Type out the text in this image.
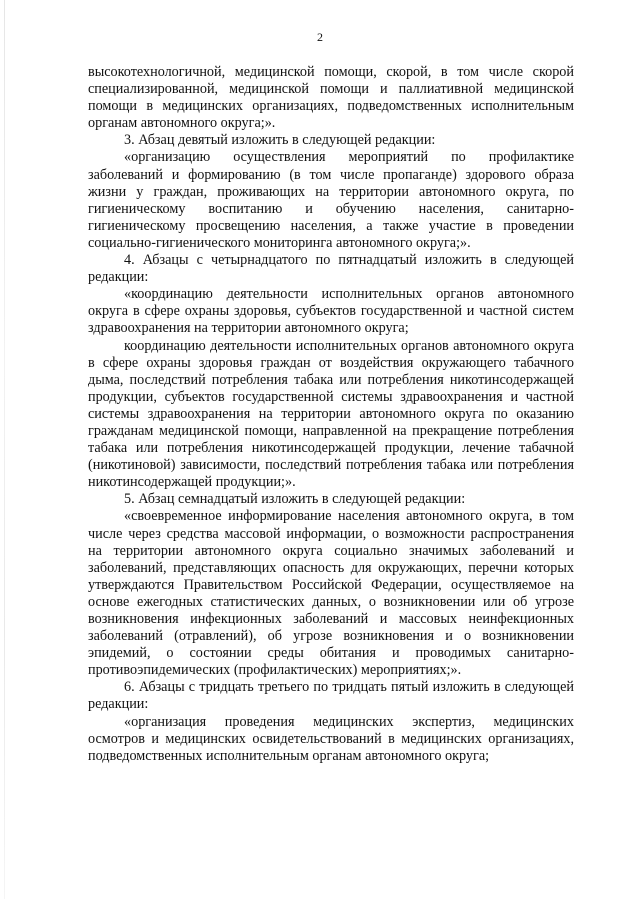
2

высокотехнологичной, медицинской помощи, скорой, в том числе скорой специализированной, медицинской помощи и паллиативной медицинской помощи в медицинских организациях, подведомственных исполнительным органам автономного округа;».

3. Абзац девятый изложить в следующей редакции:

«организацию осуществления мероприятий по профилактике заболеваний и формированию (в том числе пропаганде) здорового образа жизни у граждан, проживающих на территории автономного округа, по гигиеническому воспитанию и обучению населения, санитарно-гигиеническому просвещению населения, а также участие в проведении социально-гигиенического мониторинга автономного округа;».

4. Абзацы с четырнадцатого по пятнадцатый изложить в следующей редакции:

«координацию деятельности исполнительных органов автономного округа в сфере охраны здоровья, субъектов государственной и частной систем здравоохранения на территории автономного округа;

координацию деятельности исполнительных органов автономного округа в сфере охраны здоровья граждан от воздействия окружающего табачного дыма, последствий потребления табака или потребления никотинсодержащей продукции, субъектов государственной системы здравоохранения и частной системы здравоохранения на территории автономного округа по оказанию гражданам медицинской помощи, направленной на прекращение потребления табака или потребления никотинсодержащей продукции, лечение табачной (никотиновой) зависимости, последствий потребления табака или потребления никотинсодержащей продукции;».

5. Абзац семнадцатый изложить в следующей редакции:

«своевременное информирование населения автономного округа, в том числе через средства массовой информации, о возможности распространения на территории автономного округа социально значимых заболеваний и заболеваний, представляющих опасность для окружающих, перечни которых утверждаются Правительством Российской Федерации, осуществляемое на основе ежегодных статистических данных, о возникновении или об угрозе возникновения инфекционных заболеваний и массовых неинфекционных заболеваний (отравлений), об угрозе возникновения и о возникновении эпидемий, о состоянии среды обитания и проводимых санитарно-противоэпидемических (профилактических) мероприятиях;».

6. Абзацы с тридцать третьего по тридцать пятый изложить в следующей редакции:

«организация проведения медицинских экспертиз, медицинских осмотров и медицинских освидетельствований в медицинских организациях, подведомственных исполнительным органам автономного округа;
